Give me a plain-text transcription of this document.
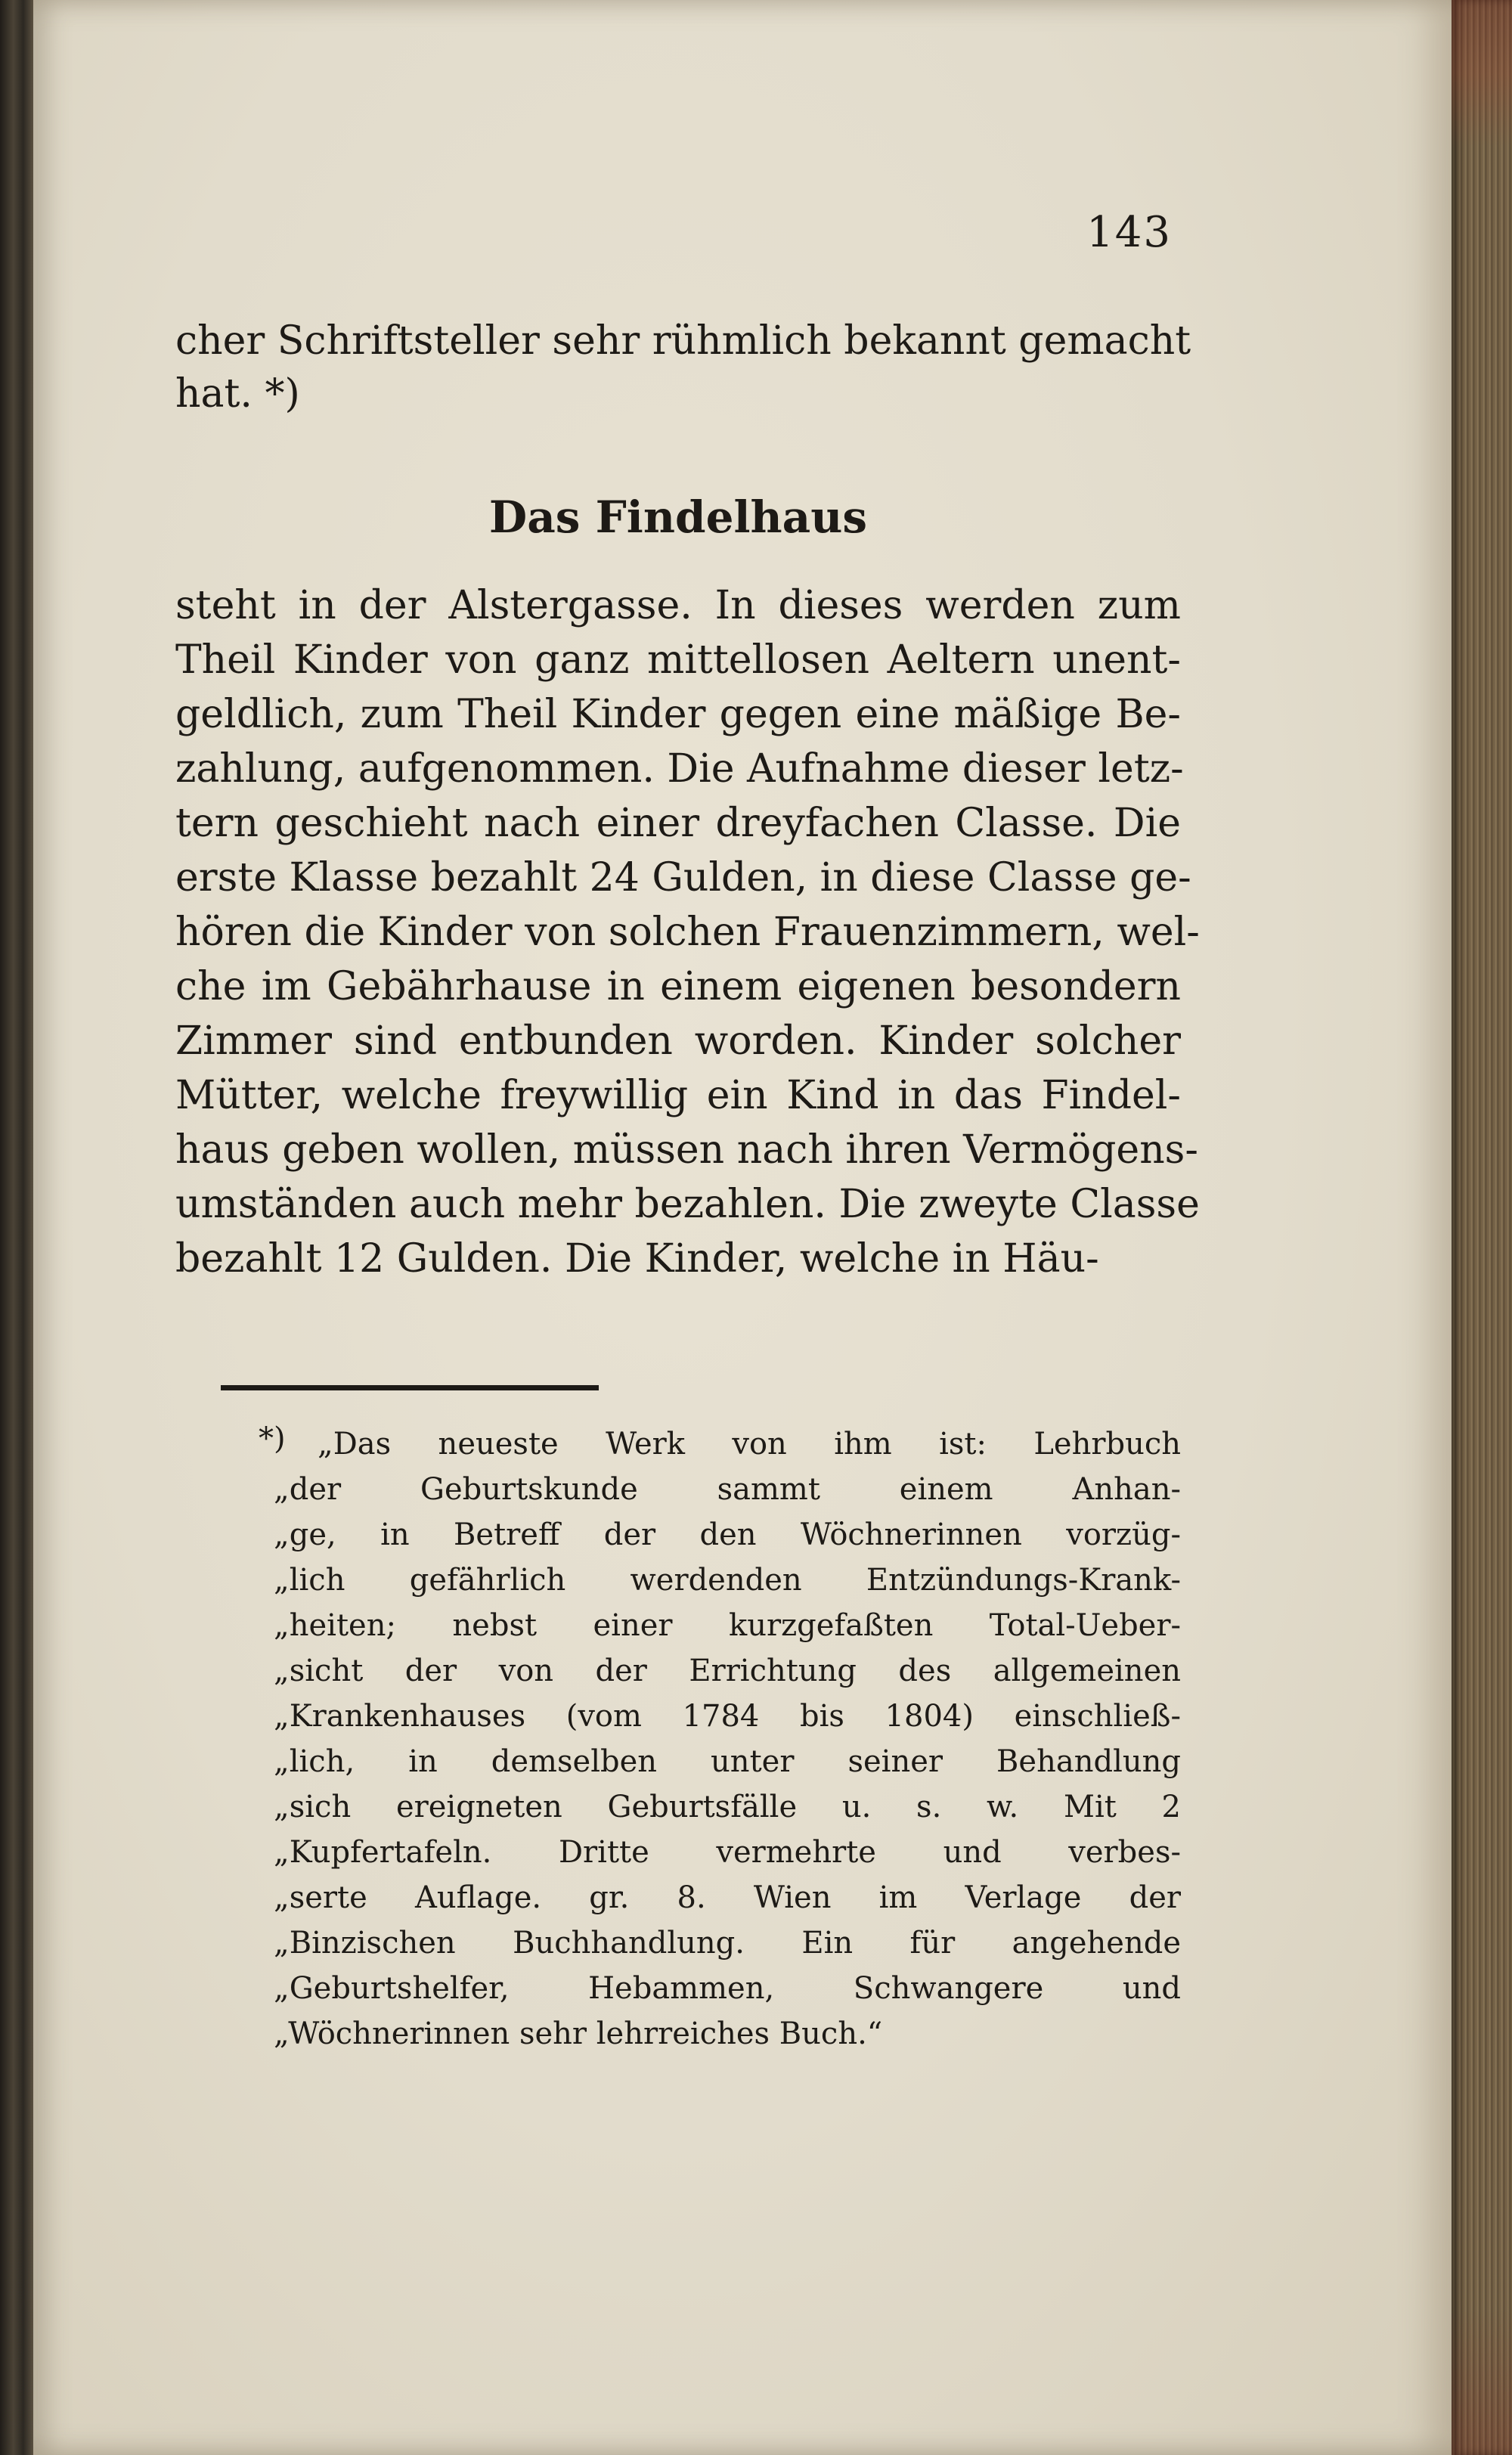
143
cher Schriftsteller sehr rühmlich bekannt gemacht
hat. *)
Das Findelhaus
steht in der Alstergasse. In dieses werden zum
Theil Kinder von ganz mittellosen Aeltern unent-
geldlich, zum Theil Kinder gegen eine mäßige Be-
zahlung, aufgenommen. Die Aufnahme dieser letz-
tern geschieht nach einer dreyfachen Classe. Die
erste Klasse bezahlt 24 Gulden, in diese Classe ge-
hören die Kinder von solchen Frauenzimmern, wel-
che im Gebährhause in einem eigenen besondern
Zimmer sind entbunden worden. Kinder solcher
Mütter, welche freywillig ein Kind in das Findel-
haus geben wollen, müssen nach ihren Vermögens-
umständen auch mehr bezahlen. Die zweyte Classe
bezahlt 12 Gulden. Die Kinder, welche in Häu-
*) „Das neueste Werk von ihm ist: Lehrbuch
„der Geburtskunde sammt einem Anhan-
„ge, in Betreff der den Wöchnerinnen vorzüg-
„lich gefährlich werdenden Entzündungs-Krank-
„heiten; nebst einer kurzgefaßten Total-Ueber-
„sicht der von der Errichtung des allgemeinen
„Krankenhauses (vom 1784 bis 1804) einschließ-
„lich, in demselben unter seiner Behandlung
„sich ereigneten Geburtsfälle u. s. w. Mit 2
„Kupfertafeln. Dritte vermehrte und verbes-
„serte Auflage. gr. 8. Wien im Verlage der
„Binzischen Buchhandlung. Ein für angehende
„Geburtshelfer, Hebammen, Schwangere und
„Wöchnerinnen sehr lehrreiches Buch.“
